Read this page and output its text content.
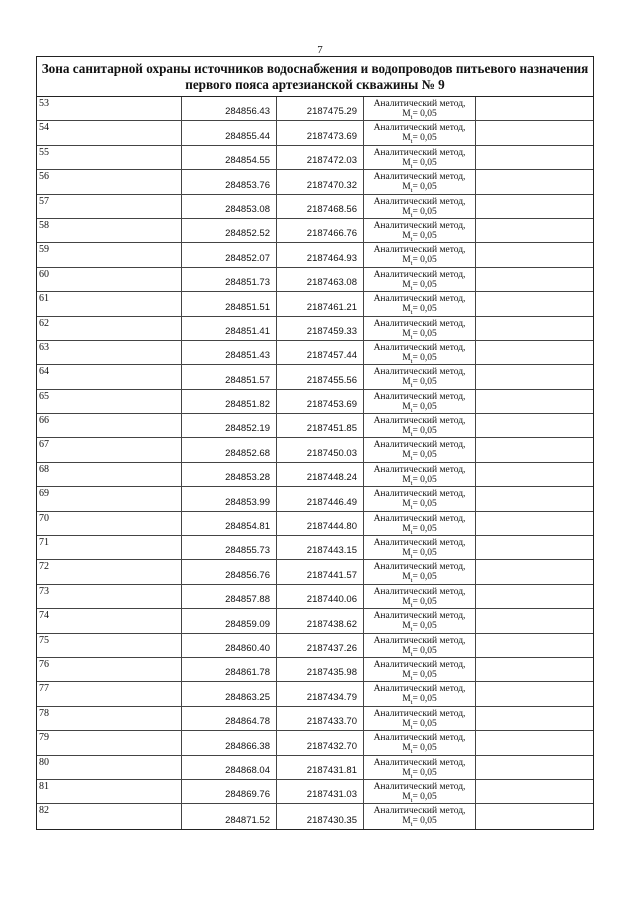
7
Зона санитарной охраны источников водоснабжения и водопроводов питьевого назначения
первого пояса артезианской скважины № 9
53
284856.43	2187475.29
Аналитический метод,
$M_t= 0,05$
54
284855.44	2187473.69
Аналитический метод,
$M_t= 0,05$
55
284854.55	2187472.03
Аналитический метод,
$M_t= 0,05$
56
284853.76	2187470.32
Аналитический метод,
$M_t= 0,05$
57
284853.08	2187468.56
Аналитический метод,
$M_t= 0,05$
58
284852.52	2187466.76
Аналитический метод,
$M_t= 0,05$
59
284852.07	2187464.93
Аналитический метод,
$M_t= 0,05$
60
284851.73	2187463.08
Аналитический метод,
$M_t= 0,05$
61
284851.51	2187461.21
Аналитический метод,
$M_t= 0,05$
62
284851.41	2187459.33
Аналитический метод,
$M_t= 0,05$
63
284851.43	2187457.44
Аналитический метод,
$M_t= 0,05$
64
284851.57	2187455.56
Аналитический метод,
$M_t= 0,05$
65
284851.82	2187453.69
Аналитический метод,
$M_t= 0,05$
66
284852.19	2187451.85
Аналитический метод,
$M_t= 0,05$
67
284852.68	2187450.03
Аналитический метод,
$M_t= 0,05$
68
284853.28	2187448.24
Аналитический метод,
$M_t= 0,05$
69
284853.99	2187446.49
Аналитический метод,
$M_t= 0,05$
70
284854.81	2187444.80
Аналитический метод,
$M_t= 0,05$
71
284855.73	2187443.15
Аналитический метод,
$M_t= 0,05$
72
284856.76	2187441.57
Аналитический метод,
$M_t= 0,05$
73
284857.88	2187440.06
Аналитический метод,
$M_t= 0,05$
74
284859.09	2187438.62
Аналитический метод,
$M_t= 0,05$
75
284860.40	2187437.26
Аналитический метод,
$M_t= 0,05$
76
284861.78	2187435.98
Аналитический метод,
$M_t= 0,05$
77
284863.25	2187434.79
Аналитический метод,
$M_t= 0,05$
78
284864.78	2187433.70
Аналитический метод,
$M_t= 0,05$
79
284866.38	2187432.70
Аналитический метод,
$M_t= 0,05$
80
284868.04	2187431.81
Аналитический метод,
$M_t= 0,05$
81
284869.76	2187431.03
Аналитический метод,
$M_t= 0,05$
82
284871.52	2187430.35
Аналитический метод,
$M_t= 0,05$
